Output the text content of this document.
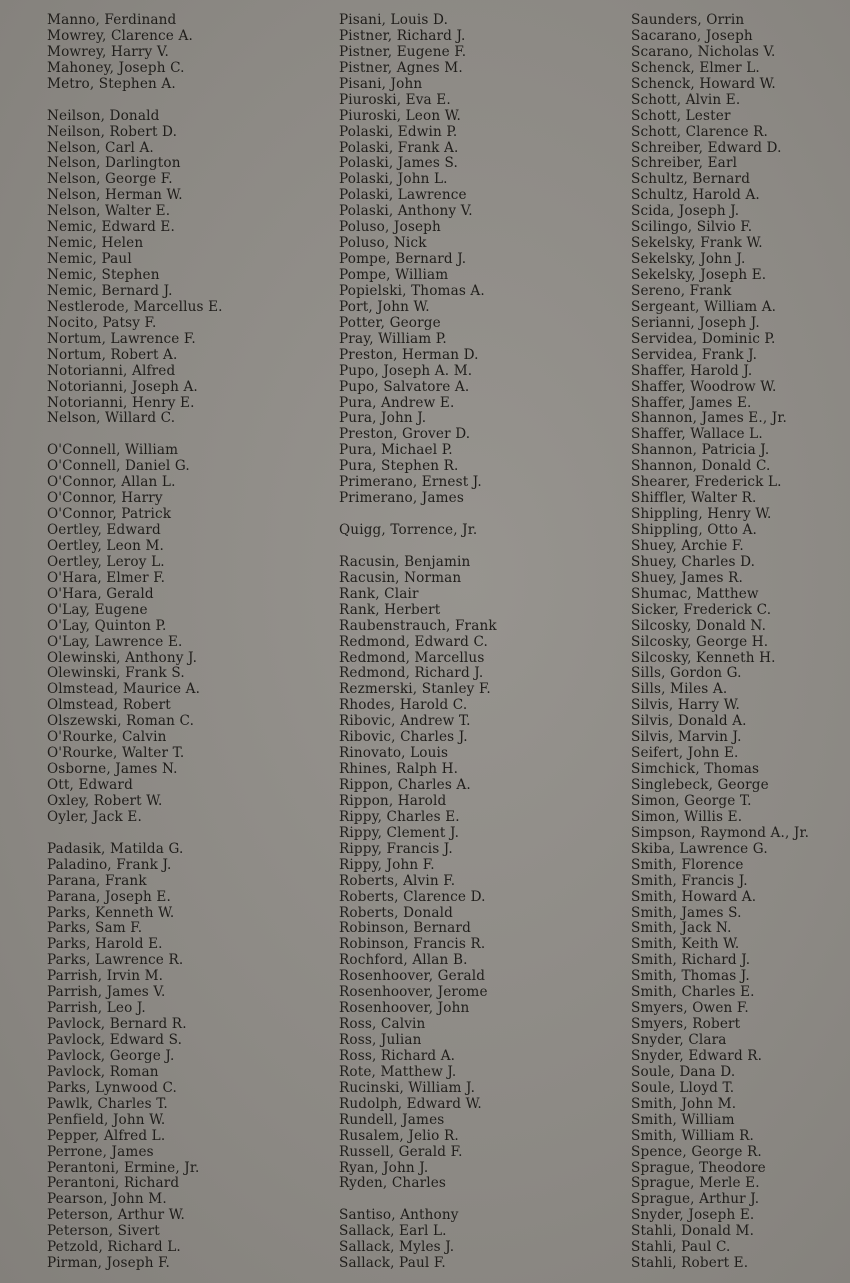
Manno, Ferdinand
Mowrey, Clarence A.
Mowrey, Harry V.
Mahoney, Joseph C.
Metro, Stephen A.
Neilson, Donald
Neilson, Robert D.
Nelson, Carl A.
Nelson, Darlington
Nelson, George F.
Nelson, Herman W.
Nelson, Walter E.
Nemic, Edward E.
Nemic, Helen
Nemic, Paul
Nemic, Stephen
Nemic, Bernard J.
Nestlerode, Marcellus E.
Nocito, Patsy F.
Nortum, Lawrence F.
Nortum, Robert A.
Notorianni, Alfred
Notorianni, Joseph A.
Notorianni, Henry E.
Nelson, Willard C.
O'Connell, William
O'Connell, Daniel G.
O'Connor, Allan L.
O'Connor, Harry
O'Connor, Patrick
Oertley, Edward
Oertley, Leon M.
Oertley, Leroy L.
O'Hara, Elmer F.
O'Hara, Gerald
O'Lay, Eugene
O'Lay, Quinton P.
O'Lay, Lawrence E.
Olewinski, Anthony J.
Olewinski, Frank S.
Olmstead, Maurice A.
Olmstead, Robert
Olszewski, Roman C.
O'Rourke, Calvin
O'Rourke, Walter T.
Osborne, James N.
Ott, Edward
Oxley, Robert W.
Oyler, Jack E.
Padasik, Matilda G.
Paladino, Frank J.
Parana, Frank
Parana, Joseph E.
Parks, Kenneth W.
Parks, Sam F.
Parks, Harold E.
Parks, Lawrence R.
Parrish, Irvin M.
Parrish, James V.
Parrish, Leo J.
Pavlock, Bernard R.
Pavlock, Edward S.
Pavlock, George J.
Pavlock, Roman
Parks, Lynwood C.
Pawlk, Charles T.
Penfield, John W.
Pepper, Alfred L.
Perrone, James
Perantoni, Ermine, Jr.
Perantoni, Richard
Pearson, John M.
Peterson, Arthur W.
Peterson, Sivert
Petzold, Richard L.
Pirman, Joseph F.
Pisani, Louis D.
Pistner, Richard J.
Pistner, Eugene F.
Pistner, Agnes M.
Pisani, John
Piuroski, Eva E.
Piuroski, Leon W.
Polaski, Edwin P.
Polaski, Frank A.
Polaski, James S.
Polaski, John L.
Polaski, Lawrence
Polaski, Anthony V.
Poluso, Joseph
Poluso, Nick
Pompe, Bernard J.
Pompe, William
Popielski, Thomas A.
Port, John W.
Potter, George
Pray, William P.
Preston, Herman D.
Pupo, Joseph A. M.
Pupo, Salvatore A.
Pura, Andrew E.
Pura, John J.
Preston, Grover D.
Pura, Michael P.
Pura, Stephen R.
Primerano, Ernest J.
Primerano, James
Quigg, Torrence, Jr.
Racusin, Benjamin
Racusin, Norman
Rank, Clair
Rank, Herbert
Raubenstrauch, Frank
Redmond, Edward C.
Redmond, Marcellus
Redmond, Richard J.
Rezmerski, Stanley F.
Rhodes, Harold C.
Ribovic, Andrew T.
Ribovic, Charles J.
Rinovato, Louis
Rhines, Ralph H.
Rippon, Charles A.
Rippon, Harold
Rippy, Charles E.
Rippy, Clement J.
Rippy, Francis J.
Rippy, John F.
Roberts, Alvin F.
Roberts, Clarence D.
Roberts, Donald
Robinson, Bernard
Robinson, Francis R.
Rochford, Allan B.
Rosenhoover, Gerald
Rosenhoover, Jerome
Rosenhoover, John
Ross, Calvin
Ross, Julian
Ross, Richard A.
Rote, Matthew J.
Rucinski, William J.
Rudolph, Edward W.
Rundell, James
Rusalem, Jelio R.
Russell, Gerald F.
Ryan, John J.
Ryden, Charles
Santiso, Anthony
Sallack, Earl L.
Sallack, Myles J.
Sallack, Paul F.
Saunders, Orrin
Sacarano, Joseph
Scarano, Nicholas V.
Schenck, Elmer L.
Schenck, Howard W.
Schott, Alvin E.
Schott, Lester
Schott, Clarence R.
Schreiber, Edward D.
Schreiber, Earl
Schultz, Bernard
Schultz, Harold A.
Scida, Joseph J.
Scilingo, Silvio F.
Sekelsky, Frank W.
Sekelsky, John J.
Sekelsky, Joseph E.
Sereno, Frank
Sergeant, William A.
Serianni, Joseph J.
Servidea, Dominic P.
Servidea, Frank J.
Shaffer, Harold J.
Shaffer, Woodrow W.
Shaffer, James E.
Shannon, James E., Jr.
Shaffer, Wallace L.
Shannon, Patricia J.
Shannon, Donald C.
Shearer, Frederick L.
Shiffler, Walter R.
Shippling, Henry W.
Shippling, Otto A.
Shuey, Archie F.
Shuey, Charles D.
Shuey, James R.
Shumac, Matthew
Sicker, Frederick C.
Silcosky, Donald N.
Silcosky, George H.
Silcosky, Kenneth H.
Sills, Gordon G.
Sills, Miles A.
Silvis, Harry W.
Silvis, Donald A.
Silvis, Marvin J.
Seifert, John E.
Simchick, Thomas
Singlebeck, George
Simon, George T.
Simon, Willis E.
Simpson, Raymond A., Jr.
Skiba, Lawrence G.
Smith, Florence
Smith, Francis J.
Smith, Howard A.
Smith, James S.
Smith, Jack N.
Smith, Keith W.
Smith, Richard J.
Smith, Thomas J.
Smith, Charles E.
Smyers, Owen F.
Smyers, Robert
Snyder, Clara
Snyder, Edward R.
Soule, Dana D.
Soule, Lloyd T.
Smith, John M.
Smith, William
Smith, William R.
Spence, George R.
Sprague, Theodore
Sprague, Merle E.
Sprague, Arthur J.
Snyder, Joseph E.
Stahli, Donald M.
Stahli, Paul C.
Stahli, Robert E.
